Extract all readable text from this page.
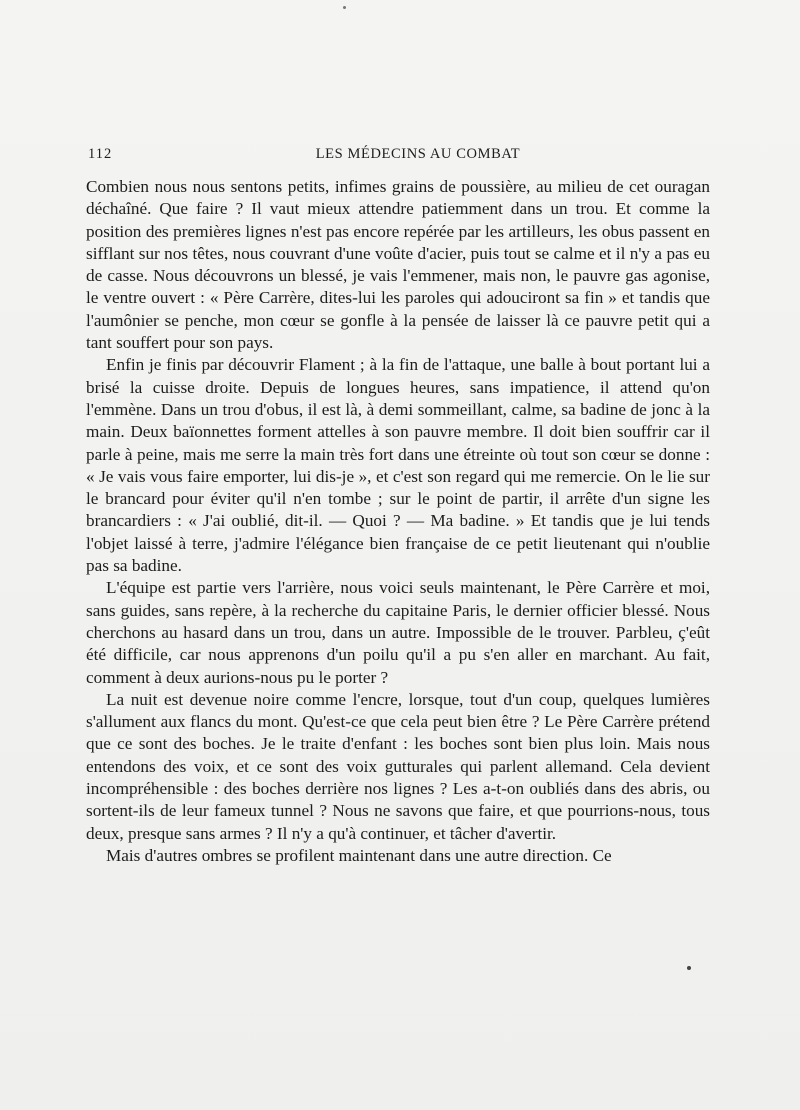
112	LES MÉDECINS AU COMBAT

Combien nous nous sentons petits, infimes grains de poussière, au milieu de cet ouragan déchaîné. Que faire ? Il vaut mieux attendre patiemment dans un trou. Et comme la position des premières lignes n'est pas encore repérée par les artilleurs, les obus passent en sifflant sur nos têtes, nous couvrant d'une voûte d'acier, puis tout se calme et il n'y a pas eu de casse. Nous découvrons un blessé, je vais l'emmener, mais non, le pauvre gas agonise, le ventre ouvert : « Père Carrère, dites-lui les paroles qui adouciront sa fin » et tandis que l'aumônier se penche, mon cœur se gonfle à la pensée de laisser là ce pauvre petit qui a tant souffert pour son pays.

Enfin je finis par découvrir Flament ; à la fin de l'attaque, une balle à bout portant lui a brisé la cuisse droite. Depuis de longues heures, sans impatience, il attend qu'on l'emmène. Dans un trou d'obus, il est là, à demi sommeillant, calme, sa badine de jonc à la main. Deux baïonnettes forment attelles à son pauvre membre. Il doit bien souffrir car il parle à peine, mais me serre la main très fort dans une étreinte où tout son cœur se donne : « Je vais vous faire emporter, lui dis-je », et c'est son regard qui me remercie. On le lie sur le brancard pour éviter qu'il n'en tombe ; sur le point de partir, il arrête d'un signe les brancardiers : « J'ai oublié, dit-il. — Quoi ? — Ma badine. » Et tandis que je lui tends l'objet laissé à terre, j'admire l'élégance bien française de ce petit lieutenant qui n'oublie pas sa badine.

L'équipe est partie vers l'arrière, nous voici seuls maintenant, le Père Carrère et moi, sans guides, sans repère, à la recherche du capitaine Paris, le dernier officier blessé. Nous cherchons au hasard dans un trou, dans un autre. Impossible de le trouver. Parbleu, ç'eût été difficile, car nous apprenons d'un poilu qu'il a pu s'en aller en marchant. Au fait, comment à deux aurions-nous pu le porter ?

La nuit est devenue noire comme l'encre, lorsque, tout d'un coup, quelques lumières s'allument aux flancs du mont. Qu'est-ce que cela peut bien être ? Le Père Carrère prétend que ce sont des boches. Je le traite d'enfant : les boches sont bien plus loin. Mais nous entendons des voix, et ce sont des voix gutturales qui parlent allemand. Cela devient incompréhensible : des boches derrière nos lignes ? Les a-t-on oubliés dans des abris, ou sortent-ils de leur fameux tunnel ? Nous ne savons que faire, et que pourrions-nous, tous deux, presque sans armes ? Il n'y a qu'à continuer, et tâcher d'avertir.

Mais d'autres ombres se profilent maintenant dans une autre direction. Ce
